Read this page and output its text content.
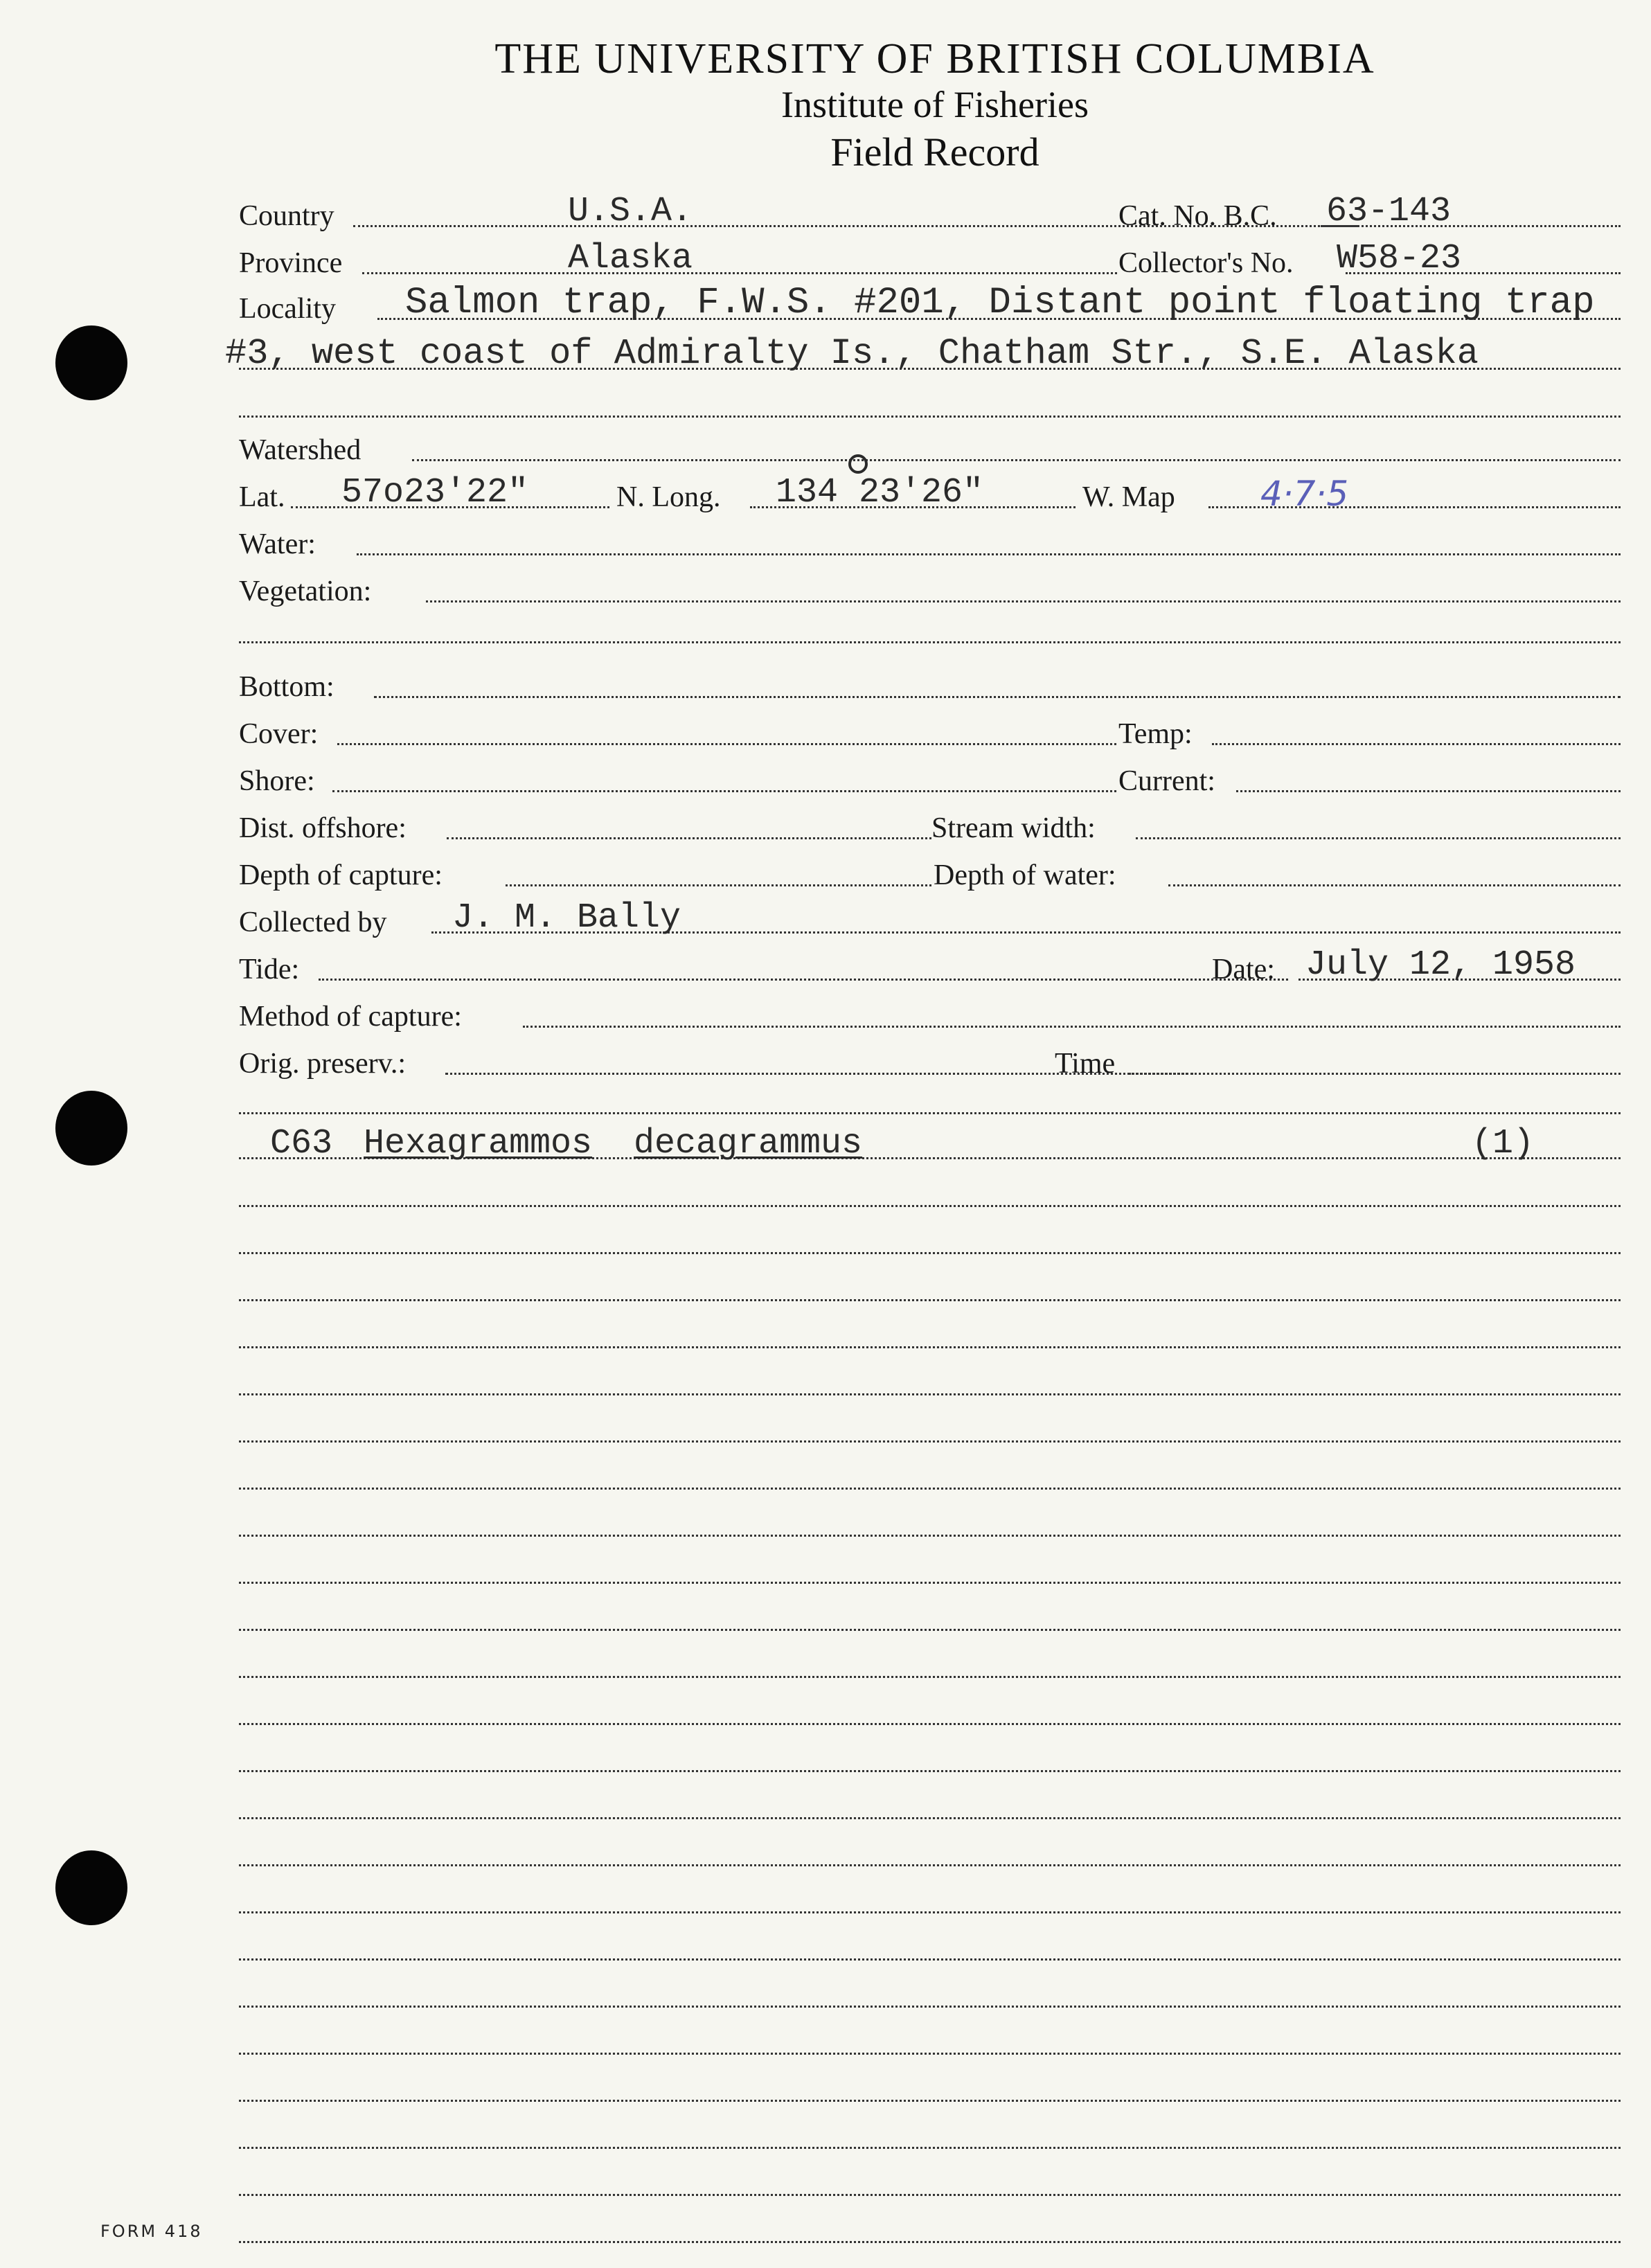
THE UNIVERSITY OF BRITISH COLUMBIA
Institute of Fisheries
Field Record
Country	U.S.A.	Cat. No. B.C. 63-143
Province	Alaska	Collector's No. W58-23
Locality Salmon trap, F.W.S. #201, Distant point floating trap
#3, west coast of Admiralty Is., Chatham Str., S.E. Alaska
Watershed
Lat. 57o23'22"	N. Long. 134 23'26"	W. Map 4·7·5
Water:
Vegetation:
Bottom:
Cover:	Temp:
Shore:	Current:
Dist. offshore:	Stream width:
Depth of capture:	Depth of water:
Collected by J. M. Bally
Tide:	Date: July 12, 1958
Method of capture:
Orig. preserv.:	Time
C63 Hexagrammos decagrammus	(1)
FORM 418
